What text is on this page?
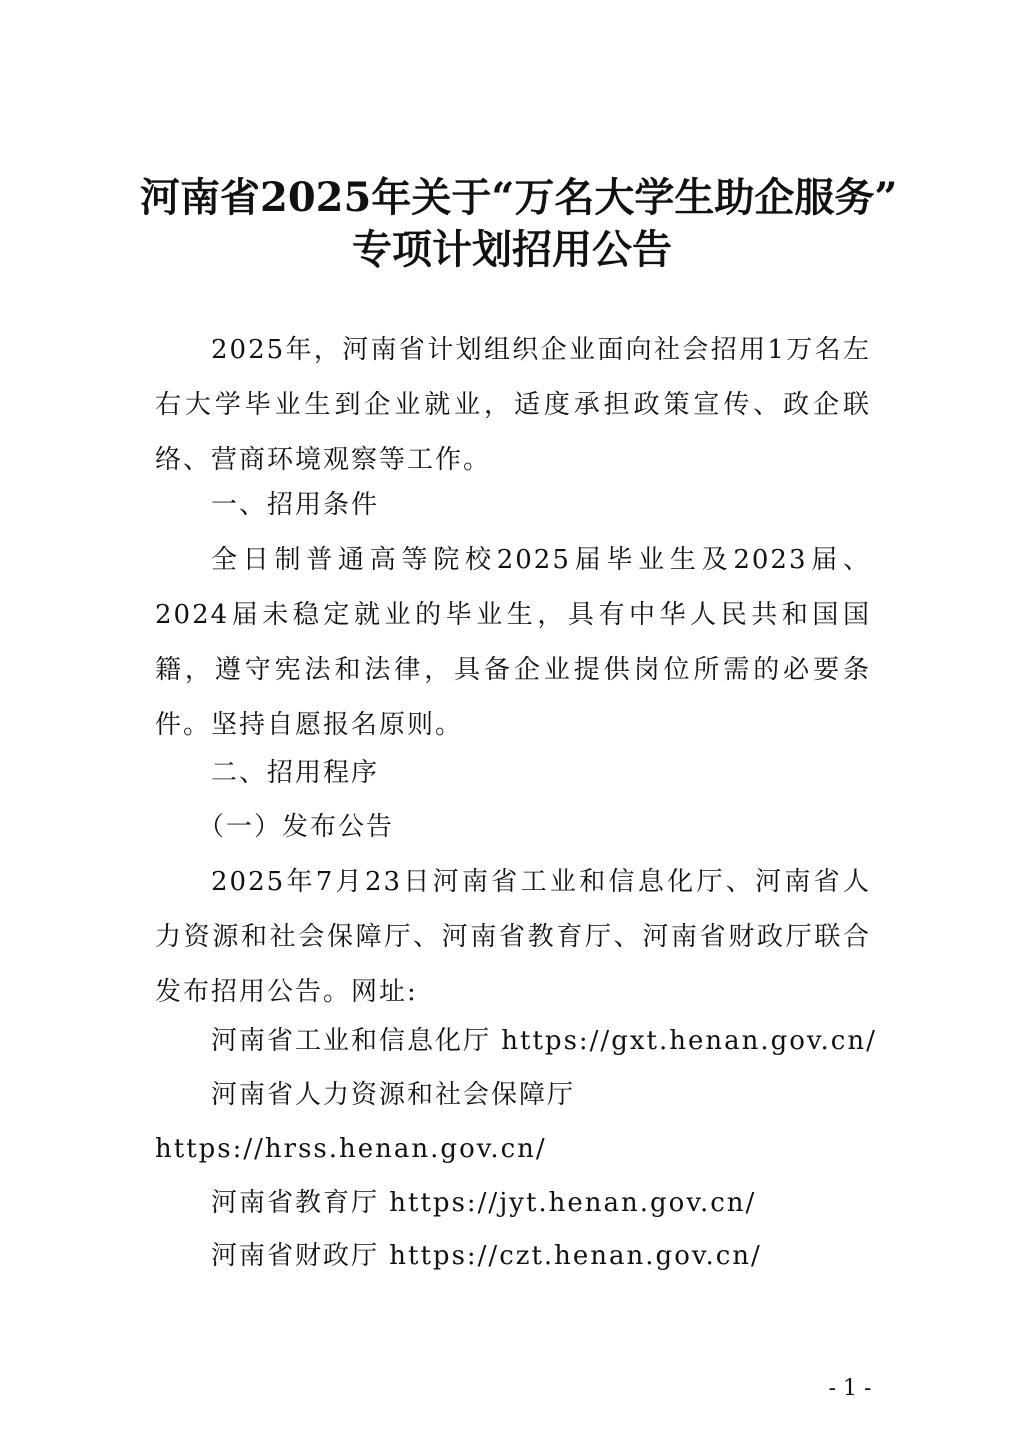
河南省2025年关于“万名大学生助企服务”
专项计划招用公告

2025年，河南省计划组织企业面向社会招用1万名左右大学毕业生到企业就业，适度承担政策宣传、政企联络、营商环境观察等工作。

一、招用条件

全日制普通高等院校2025届毕业生及2023届、2024届未稳定就业的毕业生，具有中华人民共和国国籍，遵守宪法和法律，具备企业提供岗位所需的必要条件。坚持自愿报名原则。

二、招用程序

（一）发布公告

2025年7月23日河南省工业和信息化厅、河南省人力资源和社会保障厅、河南省教育厅、河南省财政厅联合发布招用公告。网址:

河南省工业和信息化厅 https://gxt.henan.gov.cn/

河南省人力资源和社会保障厅

https://hrss.henan.gov.cn/

河南省教育厅 https://jyt.henan.gov.cn/

河南省财政厅 https://czt.henan.gov.cn/

- 1 -
